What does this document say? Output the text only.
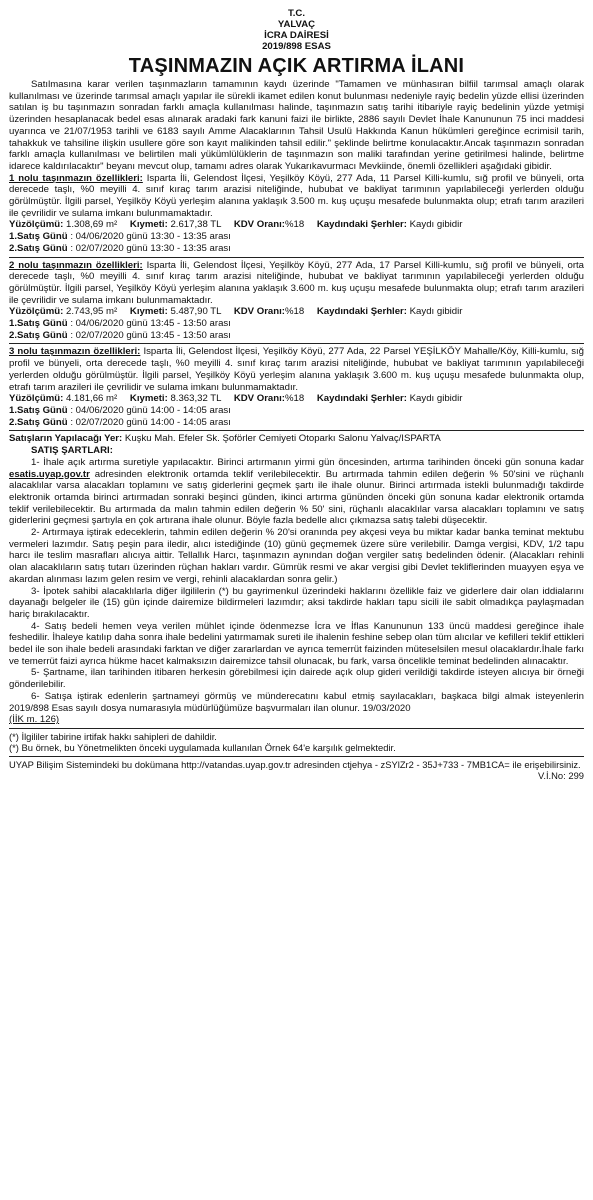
T.C.
YALVAÇ
İCRA DAİRESİ
2019/898 ESAS
TAŞINMAZIN AÇIK ARTIRMA İLANI

Satılmasına karar verilen taşınmazların tamamının kaydı üzerinde "Tamamen ve münhasıran bilfiil tarımsal amaçlı olarak kullanılması ve üzerinde tarımsal amaçlı yapılar ile sürekli ikamet edilen konut bulunması nedeniyle rayiç bedelin yüzde ellisi üzerinden satılan iş bu taşınmazın sonradan farklı amaçla kullanılması halinde, taşınmazın satış tarihi itibariyle rayiç bedelinin yüzde yetmişi üzerinden hesaplanacak bedel esas alınarak aradaki fark kanuni faizi ile birlikte, 2886 sayılı Devlet İhale Kanununun 75 inci maddesi uyarınca ve 21/07/1953 tarihli ve 6183 sayılı Amme Alacaklarının Tahsil Usulü Hakkında Kanun hükümleri gereğince ecrimisil tarih, tahakkuk ve tahsiline ilişkin usullere göre son kayıt malikinden tahsil edilir." şeklinde belirtme konulacaktır.Ancak taşınmazın sonradan farklı amaçla kullanılması ve belirtilen mali yükümlülüklerin de taşınmazın son maliki tarafından yerine getirilmesi halinde, belirtme idarece kaldırılacaktır" beyanı mevcut olup, tamamı adres olarak Yukarıkavurmacı Mevkiinde, önemli özellikleri aşağıdaki gibidir.

1 nolu taşınmazın özellikleri: Isparta İli, Gelendost İlçesi, Yeşilköy Köyü, 277 Ada, 11 Parsel Killi-kumlu, sığ profil ve bünyeli, orta derecede taşlı, %0 meyilli 4. sınıf kıraç tarım arazisi niteliğinde, hububat ve bakliyat tarımının yapılabileceği yerlerden olduğu görülmüştür. İlgili parsel, Yeşilköy Köyü yerleşim alanına yaklaşık 3.500 m. kuş uçuşu mesafede bulunmakta olup; etrafı tarım arazileri ile çevrilidir ve sulama imkanı bulunmamaktadır.

Yüzölçümü: 1.308,69 m² Kıymeti: 2.617,38 TL KDV Oranı:%18 Kaydındaki Şerhler: Kaydı gibidir
1.Satış Günü : 04/06/2020 günü 13:30 - 13:35 arası
2.Satış Günü : 02/07/2020 günü 13:30 - 13:35 arası

2 nolu taşınmazın özellikleri: Isparta İli, Gelendost İlçesi, Yeşilköy Köyü, 277 Ada, 17 Parsel Killi-kumlu, sığ profil ve bünyeli, orta derecede taşlı, %0 meyilli 4. sınıf kıraç tarım arazisi niteliğinde, hububat ve bakliyat tarımının yapılabileceği yerlerden olduğu görülmüştür. İlgili parsel, Yeşilköy Köyü yerleşim alanına yaklaşık 3.600 m. kuş uçuşu mesafede bulunmakta olup; etrafı tarım arazileri ile çevrilidir ve sulama imkanı bulunmamaktadır.

Yüzölçümü: 2.743,95 m² Kıymeti: 5.487,90 TL KDV Oranı:%18 Kaydındaki Şerhler: Kaydı gibidir
1.Satış Günü : 04/06/2020 günü 13:45 - 13:50 arası
2.Satış Günü : 02/07/2020 günü 13:45 - 13:50 arası

3 nolu taşınmazın özellikleri: Isparta İli, Gelendost İlçesi, Yeşilköy Köyü, 277 Ada, 22 Parsel YEŞİLKÖY Mahalle/Köy, Killi-kumlu, sığ profil ve bünyeli, orta derecede taşlı, %0 meyilli 4. sınıf kıraç tarım arazisi niteliğinde, hububat ve bakliyat tarımının yapılabileceği yerlerden olduğu görülmüştür. İlgili parsel, Yeşilköy Köyü yerleşim alanına yaklaşık 3.600 m. kuş uçuşu mesafede bulunmakta olup, etrafı tarım arazileri ile çevrilidir ve sulama imkanı bulunmamaktadır.

Yüzölçümü: 4.181,66 m² Kıymeti: 8.363,32 TL KDV Oranı:%18 Kaydındaki Şerhler: Kaydı gibidir
1.Satış Günü : 04/06/2020 günü 14:00 - 14:05 arası
2.Satış Günü : 02/07/2020 günü 14:00 - 14:05 arası
Satışların Yapılacağı Yer: Kuşku Mah. Efeler Sk. Şoförler Cemiyeti Otoparkı Salonu Yalvaç/ISPARTA
SATIŞ ŞARTLARI:

1- İhale açık artırma suretiyle yapılacaktır. Birinci artırmanın yirmi gün öncesinden, artırma tarihinden önceki gün sonuna kadar esatis.uyap.gov.tr adresinden elektronik ortamda teklif verilebilecektir. Bu artırmada tahmin edilen değerin % 50'sini ve rüçhanlı alacaklılar varsa alacakları toplamını ve satış giderlerini geçmek şartı ile ihale olunur. Birinci artırmada istekli bulunmadığı takdirde elektronik ortamda birinci artırmadan sonraki beşinci günden, ikinci artırma gününden önceki gün sonuna kadar elektronik ortamda teklif verilebilecektir. Bu artırmada da malın tahmin edilen değerin % 50' sini, rüçhanlı alacaklılar varsa alacakları toplamını ve satış giderlerini geçmesi şartıyla en çok artırana ihale olunur. Böyle fazla bedelle alıcı çıkmazsa satış talebi düşecektir.

2- Artırmaya iştirak edeceklerin, tahmin edilen değerin % 20'si oranında pey akçesi veya bu miktar kadar banka teminat mektubu vermeleri lazımdır. Satış peşin para iledir, alıcı istediğinde (10) günü geçmemek üzere süre verilebilir. Damga vergisi, KDV, 1/2 tapu harcı ile teslim masrafları alıcıya aittir. Tellallık Harcı, taşınmazın aynından doğan vergiler satış bedelinden ödenir. (Alacakları rehinli olan alacaklıların satış tutarı üzerinden rüçhan hakları vardır. Gümrük resmi ve akar vergisi gibi Devlet tekliflerinden muayyen eşya ve akardan alınması lazım gelen resim ve vergi, rehinli alacaklardan sonra gelir.)

3- İpotek sahibi alacaklılarla diğer ilgililerin (*) bu gayrimenkul üzerindeki haklarını özellikle faiz ve giderlere dair olan iddialarını dayanağı belgeler ile (15) gün içinde dairemize bildirmeleri lazımdır; aksi takdirde hakları tapu sicili ile sabit olmadıkça paylaşmadan hariç bırakılacaktır.

4- Satış bedeli hemen veya verilen mühlet içinde ödenmezse İcra ve İflas Kanununun 133 üncü maddesi gereğince ihale feshedilir. İhaleye katılıp daha sonra ihale bedelini yatırmamak sureti ile ihalenin feshine sebep olan tüm alıcılar ve kefilleri teklif ettikleri bedel ile son ihale bedeli arasındaki farktan ve diğer zararlardan ve ayrıca temerrüt faizinden müteselsilen mesul olacaklardır.İhale farkı ve temerrüt faizi ayrıca hükme hacet kalmaksızın dairemizce tahsil olunacak, bu fark, varsa öncelikle teminat bedelinden alınacaktır.

5- Şartname, ilan tarihinden itibaren herkesin görebilmesi için dairede açık olup gideri verildiği takdirde isteyen alıcıya bir örneği gönderilebilir.

6- Satışa iştirak edenlerin şartnameyi görmüş ve münderecatını kabul etmiş sayılacakları, başkaca bilgi almak isteyenlerin 2019/898 Esas sayılı dosya numarasıyla müdürlüğümüze başvurmaları ilan olunur. 19/03/2020

(İİK m. 126)
(*) İlgililer tabirine irtifak hakkı sahipleri de dahildir.
(*) Bu örnek, bu Yönetmelikten önceki uygulamada kullanılan Örnek 64'e karşılık gelmektedir.
UYAP Bilişim Sistemindeki bu dokümana http://vatandas.uyap.gov.tr adresinden ctjehya - zSYlZr2 - 35J+733 - 7MB1CA= ile erişebilirsiniz.
V.İ.No: 299
